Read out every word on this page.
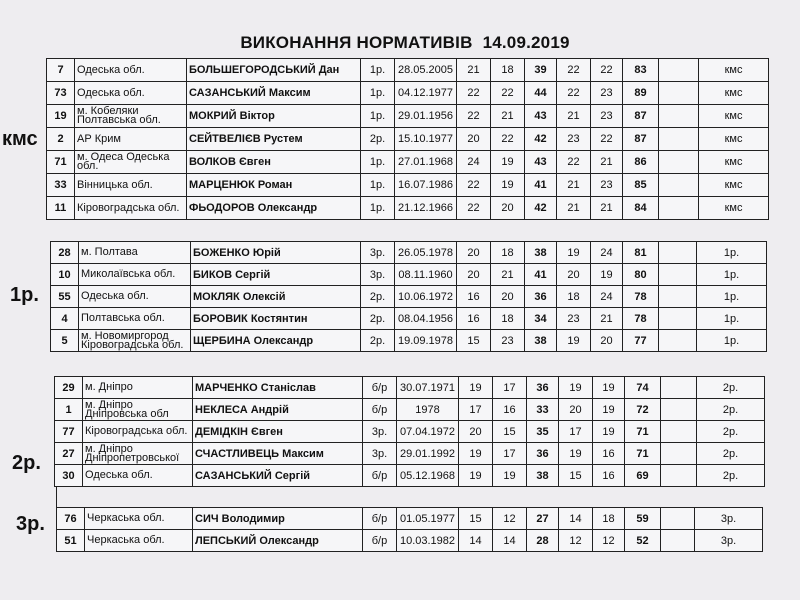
ВИКОНАННЯ НОРМАТИВІВ 14.09.2019
кмс
1р.
2р.
3р.
7	Одеська обл.	БОЛЬШЕГОРОДСЬКИЙ Дан	1р.	28.05.2005	21	18	39	22	22	83		кмс
73	Одеська обл.	САЗАНСЬКИЙ Максим	1р.	04.12.1977	22	22	44	22	23	89		кмс
19	м. Кобеляки Полтавська обл.	МОКРИЙ Віктор	1р.	29.01.1956	22	21	43	21	23	87		кмс
2	АР Крим	СЕЙТВЕЛІЄВ Рустем	2р.	15.10.1977	20	22	42	23	22	87		кмс
71	м. Одеса Одеська обл.	ВОЛКОВ Євген	1р.	27.01.1968	24	19	43	22	21	86		кмс
33	Вінницька обл.	МАРЦЕНЮК Роман	1р.	16.07.1986	22	19	41	21	23	85		кмс
11	Кіровоградська обл.	ФЬОДОРОВ Олександр	1р.	21.12.1966	22	20	42	21	21	84		кмс
28	м. Полтава	БОЖЕНКО Юрій	3р.	26.05.1978	20	18	38	19	24	81		1р.
10	Миколаївська обл.	БИКОВ Сергій	3р.	08.11.1960	20	21	41	20	19	80		1р.
55	Одеська обл.	МОКЛЯК Олексій	2р.	10.06.1972	16	20	36	18	24	78		1р.
4	Полтавська обл.	БОРОВИК Костянтин	2р.	08.04.1956	16	18	34	23	21	78		1р.
5	м. Новомиргород Кіровоградська обл.	ЩЕРБИНА Олександр	2р.	19.09.1978	15	23	38	19	20	77		1р.
29	м. Дніпро	МАРЧЕНКО Станіслав	б/р	30.07.1971	19	17	36	19	19	74		2р.
1	м. Дніпро Дніпровська обл	НЕКЛЕСА Андрій	б/р	1978	17	16	33	20	19	72		2р.
77	Кіровоградська обл.	ДЕМІДКІН Євген	3р.	07.04.1972	20	15	35	17	19	71		2р.
27	м. Дніпро Дніпропетровської	СЧАСТЛИВЕЦЬ Максим	3р.	29.01.1992	19	17	36	19	16	71		2р.
30	Одеська обл.	САЗАНСЬКИЙ Сергій	б/р	05.12.1968	19	19	38	15	16	69		2р.
76	Черкаська обл.	СИЧ Володимир	б/р	01.05.1977	15	12	27	14	18	59		3р.
51	Черкаська обл.	ЛЕПСЬКИЙ Олександр	б/р	10.03.1982	14	14	28	12	12	52		3р.
